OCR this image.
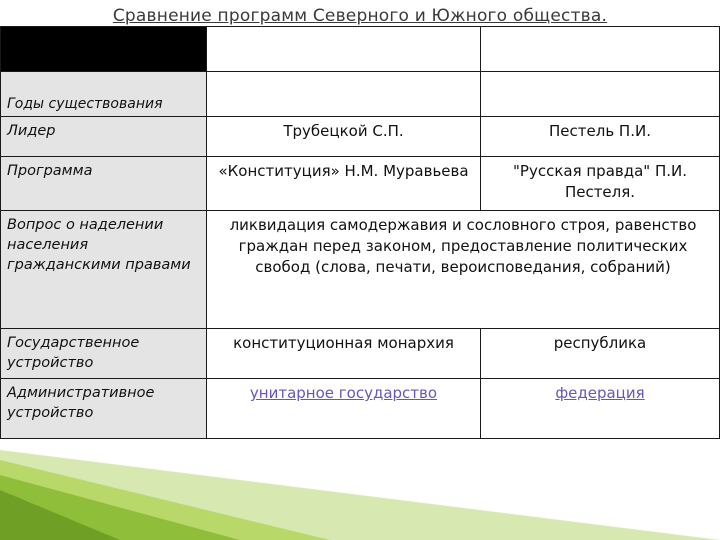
Сравнение программ Северного и Южного общества.

Годы существования		
Лидер	Трубецкой С.П.	Пестель П.И.
Программа	«Конституция» Н.М. Муравьева	"Русская правда" П.И. Пестеля.
Вопрос о наделении населения гражданскими правами	ликвидация самодержавия и сословного строя, равенство граждан перед законом, предоставление политических свобод (слова, печати, вероисповедания, собраний)	
Государственное устройство	конституционная монархия	республика
Административное устройство	унитарное государство	федерация
